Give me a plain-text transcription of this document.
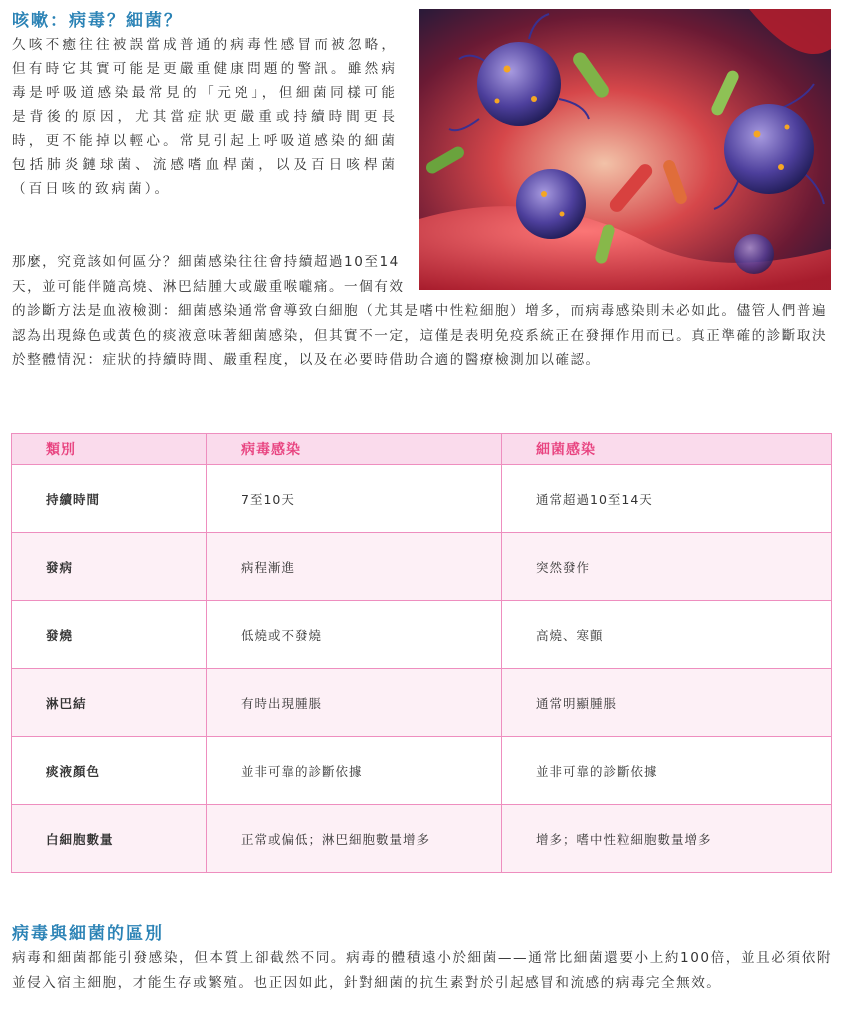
咳嗽：病毒？細菌？

久咳不癒往往被誤當成普通的病毒性感冒而被忽略，但有時它其實可能是更嚴重健康問題的警訊。雖然病毒是呼吸道感染最常見的「元兇」，但細菌同樣可能是背後的原因，尤其當症狀更嚴重或持續時間更長時，更不能掉以輕心。常見引起上呼吸道感染的細菌包括肺炎鏈球菌、流感嗜血桿菌，以及百日咳桿菌（百日咳的致病菌）。

那麼，究竟該如何區分？細菌感染往往會持續超過10至14天，並可能伴隨高燒、淋巴結腫大或嚴重喉嚨痛。一個有效的診斷方法是血液檢測：細菌感染通常會導致白細胞（尤其是嗜中性粒細胞）增多，而病毒感染則未必如此。儘管人們普遍認為出現綠色或黃色的痰液意味著細菌感染，但其實不一定，這僅是表明免疫系統正在發揮作用而已。真正準確的診斷取決於整體情況：症狀的持續時間、嚴重程度，以及在必要時借助合適的醫療檢測加以確認。
類別	病毒感染	細菌感染
持續時間	7至10天	通常超過10至14天
發病	病程漸進	突然發作
發燒	低燒或不發燒	高燒、寒顫
淋巴結	有時出現腫脹	通常明顯腫脹
痰液顏色	並非可靠的診斷依據	並非可靠的診斷依據
白細胞數量	正常或偏低；淋巴細胞數量增多	增多；嗜中性粒細胞數量增多
病毒與細菌的區別

病毒和細菌都能引發感染，但本質上卻截然不同。病毒的體積遠小於細菌——通常比細菌還要小上約100倍，並且必須依附並侵入宿主細胞，才能生存或繁殖。也正因如此，針對細菌的抗生素對於引起感冒和流感的病毒完全無效。
